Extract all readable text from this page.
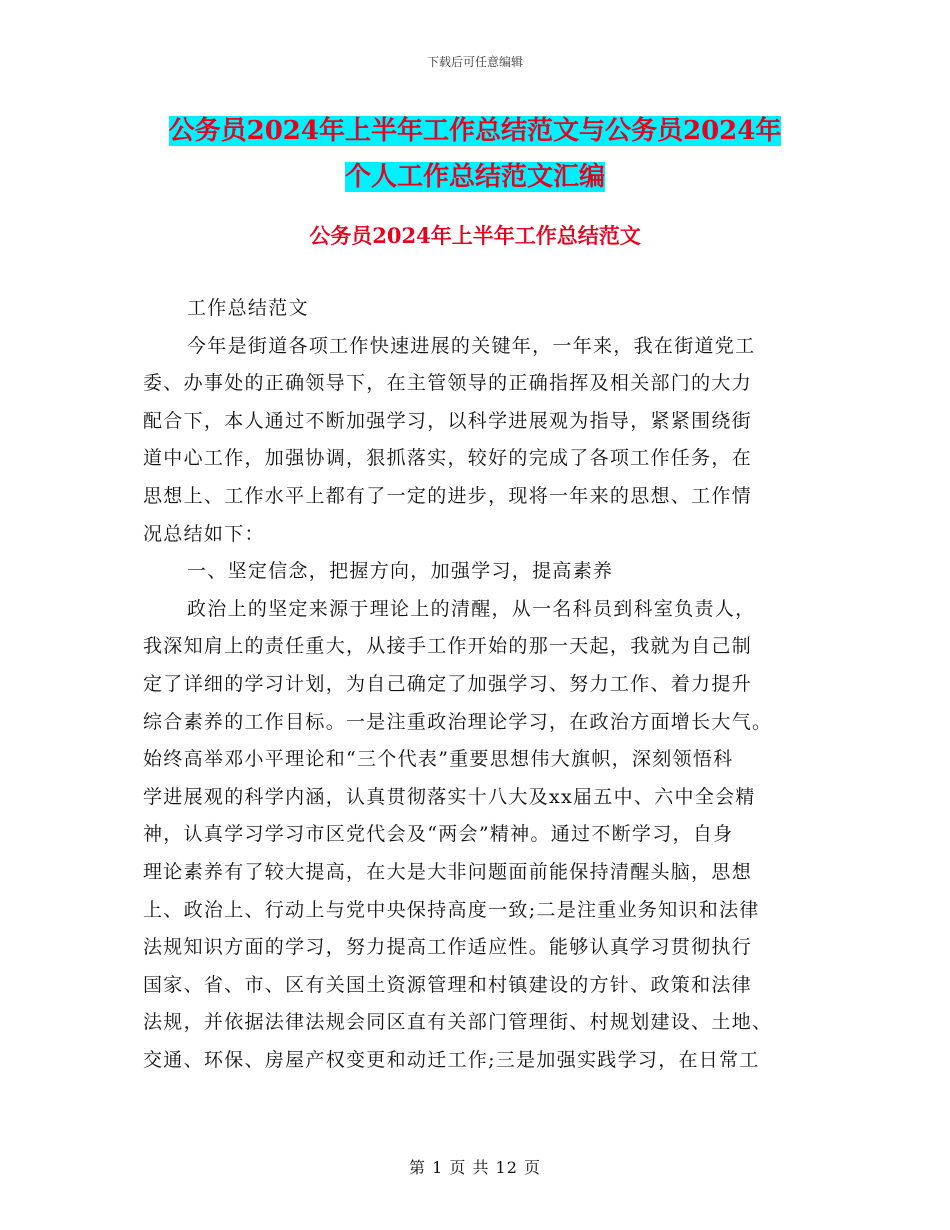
下载后可任意编辑
公务员2024年上半年工作总结范文与公务员2024年
个人工作总结范文汇编
公务员2024年上半年工作总结范文
工作总结范文
今年是街道各项工作快速进展的关键年，一年来，我在街道党工
委、办事处的正确领导下，在主管领导的正确指挥及相关部门的大力
配合下，本人通过不断加强学习，以科学进展观为指导，紧紧围绕街
道中心工作，加强协调，狠抓落实，较好的完成了各项工作任务，在
思想上、工作水平上都有了一定的进步，现将一年来的思想、工作情
况总结如下：
一、坚定信念，把握方向，加强学习，提高素养
政治上的坚定来源于理论上的清醒，从一名科员到科室负责人，
我深知肩上的责任重大，从接手工作开始的那一天起，我就为自己制
定了详细的学习计划，为自己确定了加强学习、努力工作、着力提升
综合素养的工作目标。一是注重政治理论学习，在政治方面增长大气。
始终高举邓小平理论和“三个代表”重要思想伟大旗帜，深刻领悟科
学进展观的科学内涵，认真贯彻落实十八大及xx届五中、六中全会精
神，认真学习学习市区党代会及“两会”精神。通过不断学习，自身
理论素养有了较大提高，在大是大非问题面前能保持清醒头脑，思想
上、政治上、行动上与党中央保持高度一致;二是注重业务知识和法律
法规知识方面的学习，努力提高工作适应性。能够认真学习贯彻执行
国家、省、市、区有关国土资源管理和村镇建设的方针、政策和法律
法规，并依据法律法规会同区直有关部门管理街、村规划建设、土地、
交通、环保、房屋产权变更和动迁工作;三是加强实践学习，在日常工
第 1 页 共 12 页
